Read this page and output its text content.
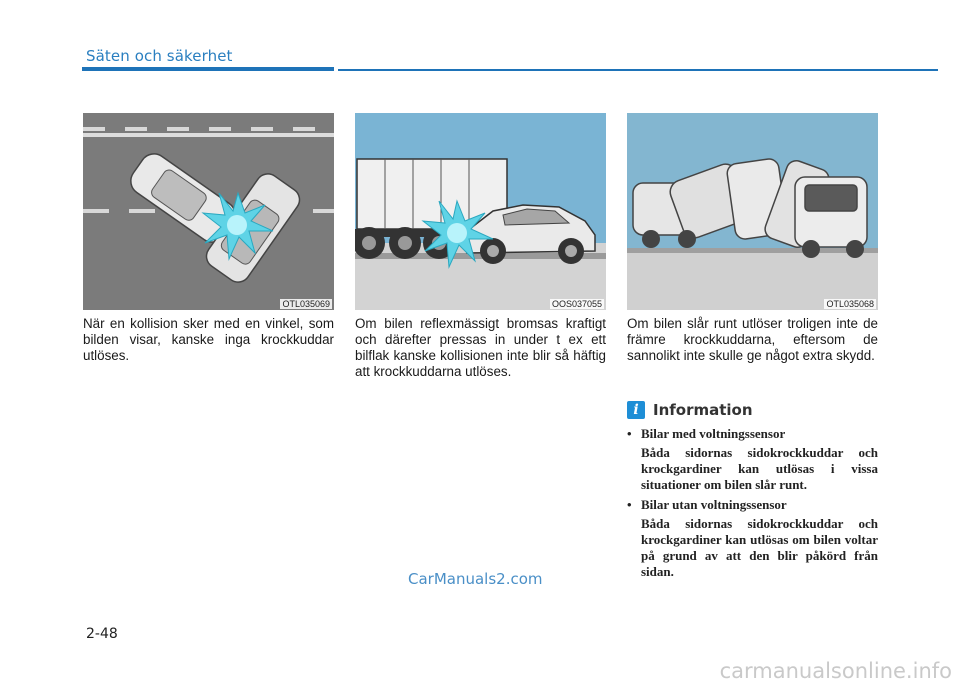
Säten och säkerhet
OTL035069	OOS037055	OTL035068
När en kollision sker med en vinkel, som bilden visar, kanske inga krockkuddar utlöses.
Om bilen reflexmässigt bromsas kraftigt och därefter pressas in under t ex ett bilflak kanske kollisionen inte blir så häftig att krockkuddarna utlöses.
Om bilen slår runt utlöser troligen inte de främre krockkuddarna, eftersom de sannolikt inte skulle ge något extra skydd.
i Information
• Bilar med voltningssensor
Båda sidornas sidokrockkuddar och krockgardiner kan utlösas i vissa situationer om bilen slår runt.
• Bilar utan voltningssensor
Båda sidornas sidokrockkuddar och krockgardiner kan utlösas om bilen voltar på grund av att den blir påkörd från sidan.
CarManuals2.com
2-48
carmanualsonline.info
